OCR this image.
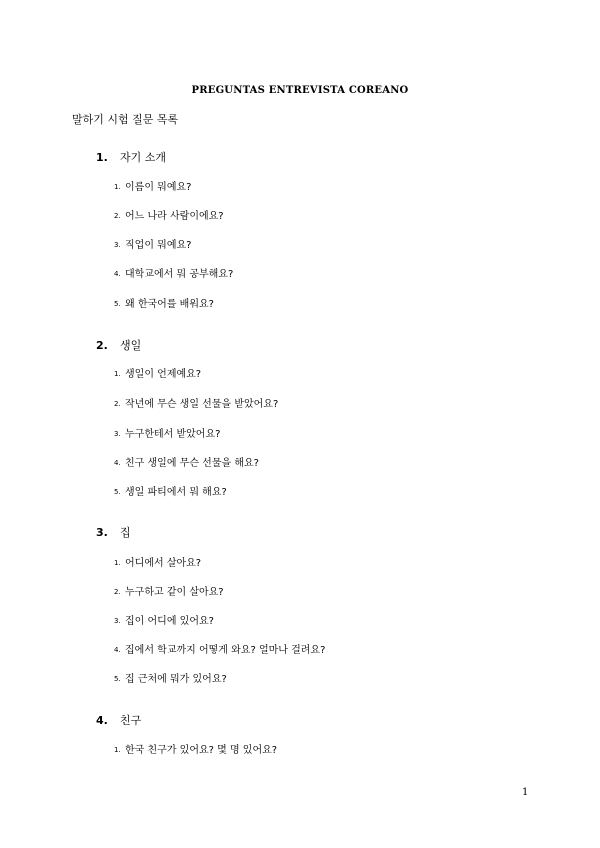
PREGUNTAS ENTREVISTA COREANO
말하기 시험 질문 목록
1. 자기 소개
1. 이름이 뭐예요?
2. 어느 나라 사람이에요?
3. 직업이 뭐예요?
4. 대학교에서 뭐 공부해요?
5. 왜 한국어를 배워요?
2. 생일
1. 생일이 언제예요?
2. 작년에 무슨 생일 선물을 받았어요?
3. 누구한테서 받았어요?
4. 친구 생일에 무슨 선물을 해요?
5. 생일 파티에서 뭐 해요?
3. 집
1. 어디에서 살아요?
2. 누구하고 같이 살아요?
3. 집이 어디에 있어요?
4. 집에서 학교까지 어떻게 와요? 얼마나 걸려요?
5. 집 근처에 뭐가 있어요?
4. 친구
1. 한국 친구가 있어요? 몇 명 있어요?
1
